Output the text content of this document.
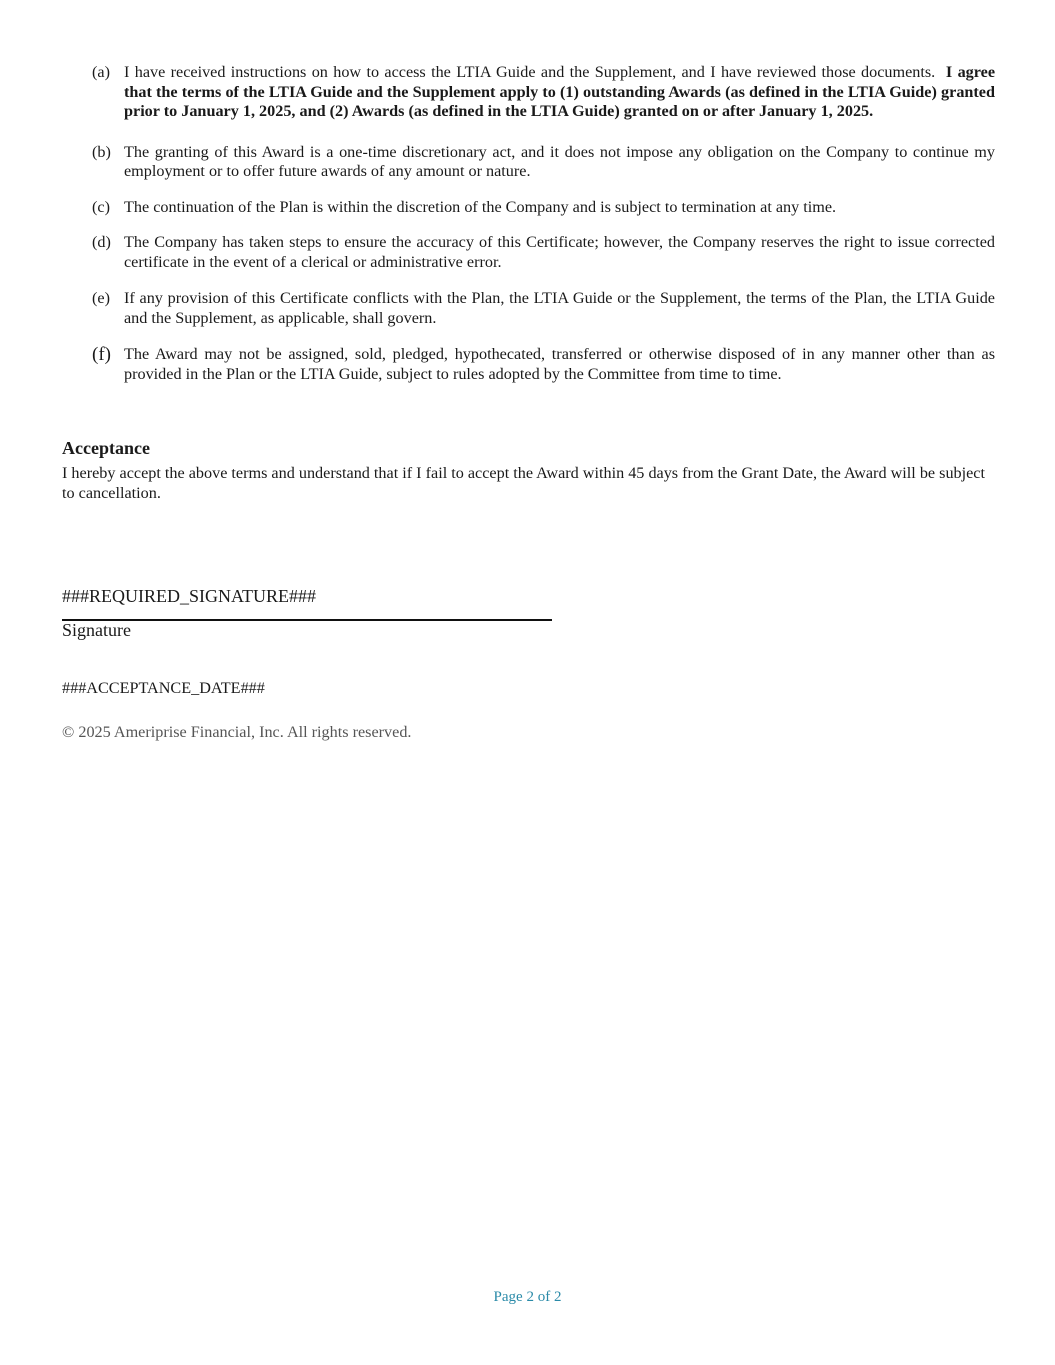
(a) I have received instructions on how to access the LTIA Guide and the Supplement, and I have reviewed those documents. I agree that the terms of the LTIA Guide and the Supplement apply to (1) outstanding Awards (as defined in the LTIA Guide) granted prior to January 1, 2025, and (2) Awards (as defined in the LTIA Guide) granted on or after January 1, 2025.
(b) The granting of this Award is a one-time discretionary act, and it does not impose any obligation on the Company to continue my employment or to offer future awards of any amount or nature.
(c) The continuation of the Plan is within the discretion of the Company and is subject to termination at any time.
(d) The Company has taken steps to ensure the accuracy of this Certificate; however, the Company reserves the right to issue corrected certificate in the event of a clerical or administrative error.
(e) If any provision of this Certificate conflicts with the Plan, the LTIA Guide or the Supplement, the terms of the Plan, the LTIA Guide and the Supplement, as applicable, shall govern.
(f) The Award may not be assigned, sold, pledged, hypothecated, transferred or otherwise disposed of in any manner other than as provided in the Plan or the LTIA Guide, subject to rules adopted by the Committee from time to time.
Acceptance

I hereby accept the above terms and understand that if I fail to accept the Award within 45 days from the Grant Date, the Award will be subject to cancellation.

###REQUIRED_SIGNATURE###
Signature
###ACCEPTANCE_DATE###
© 2025 Ameriprise Financial, Inc. All rights reserved.
Page 2 of 2
